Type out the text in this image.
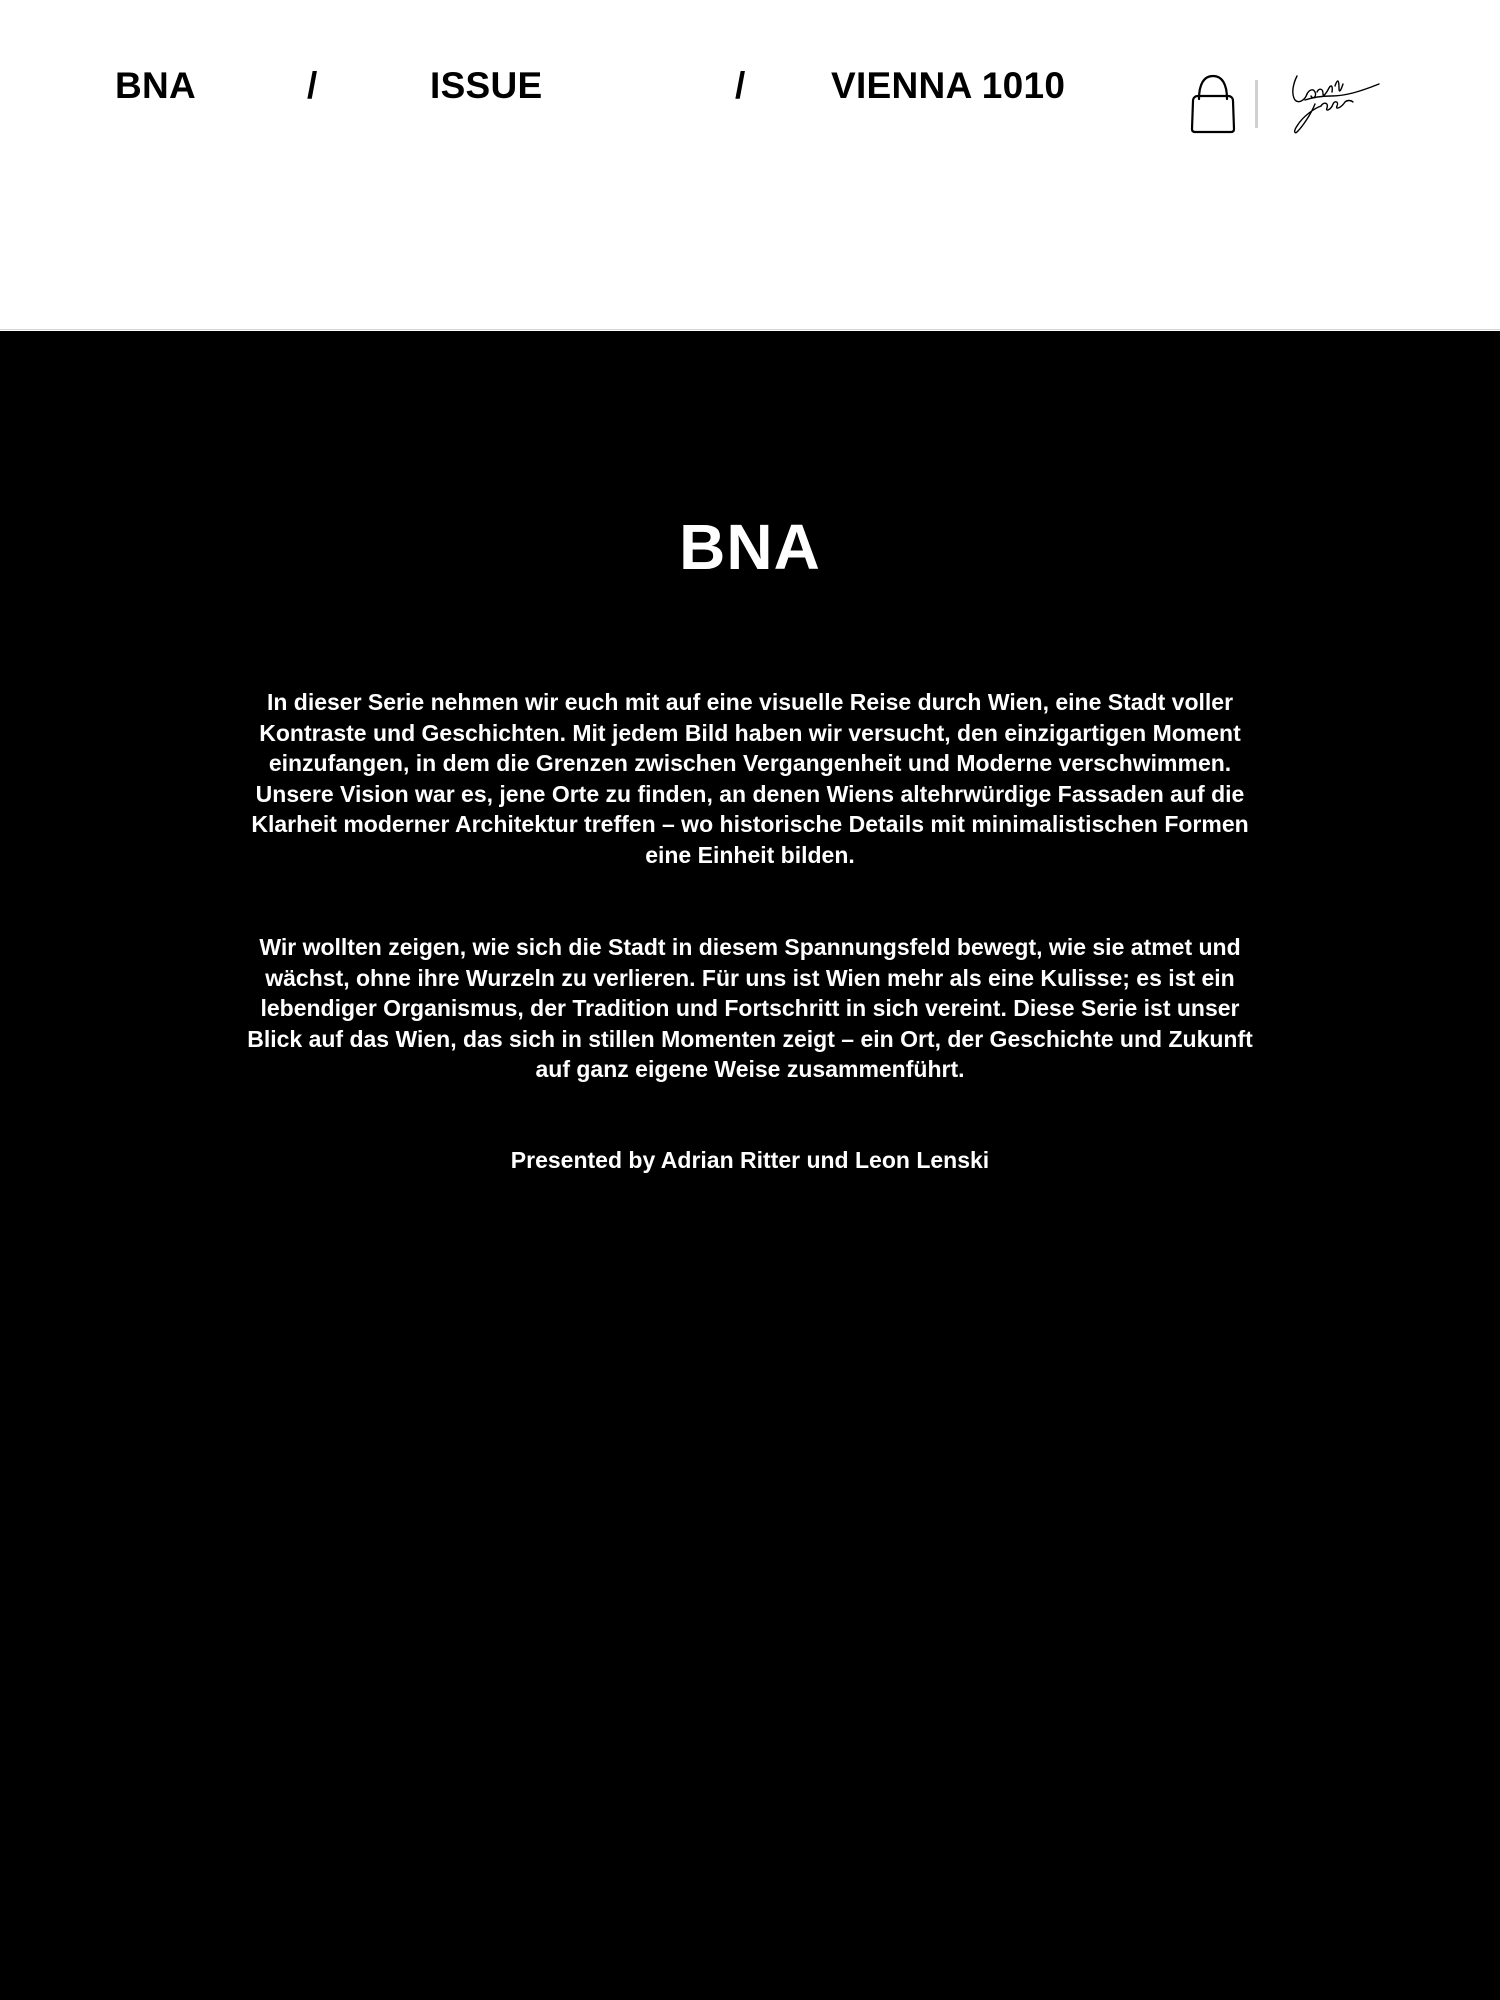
BNA	/	ISSUE	/ VIENNA 1010
BNA

In dieser Serie nehmen wir euch mit auf eine visuelle Reise durch Wien, eine Stadt voller Kontraste und Geschichten. Mit jedem Bild haben wir versucht, den einzigartigen Moment einzufangen, in dem die Grenzen zwischen Vergangenheit und Moderne verschwimmen. Unsere Vision war es, jene Orte zu finden, an denen Wiens altehrwürdige Fassaden auf die Klarheit moderner Architektur treffen – wo historische Details mit minimalistischen Formen eine Einheit bilden.

Wir wollten zeigen, wie sich die Stadt in diesem Spannungsfeld bewegt, wie sie atmet und wächst, ohne ihre Wurzeln zu verlieren. Für uns ist Wien mehr als eine Kulisse; es ist ein lebendiger Organismus, der Tradition und Fortschritt in sich vereint. Diese Serie ist unser Blick auf das Wien, das sich in stillen Momenten zeigt – ein Ort, der Geschichte und Zukunft auf ganz eigene Weise zusammenführt.

Presented by Adrian Ritter und Leon Lenski
